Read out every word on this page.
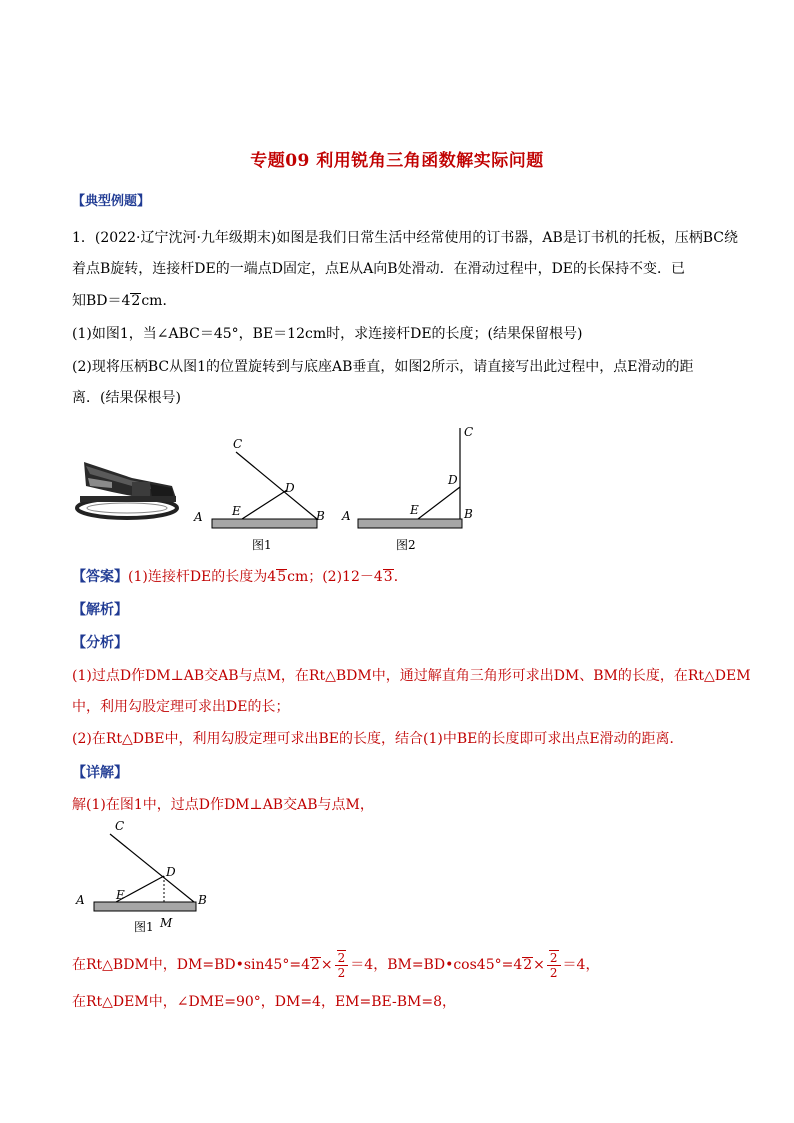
专题09 利用锐角三角函数解实际问题
【典型例题】
1．(2022·辽宁沈河·九年级期末)如图是我们日常生活中经常使用的订书器，AB是订书机的托板，压柄BC绕
着点B旋转，连接杆DE的一端点D固定，点E从A向B处滑动．在滑动过程中，DE的长保持不变．已
知BD＝42cm．
(1)如图1，当∠ABC＝45°，BE＝12cm时，求连接杆DE的长度；(结果保留根号)
(2)现将压柄BC从图1的位置旋转到与底座AB垂直，如图2所示，请直接写出此过程中，点E滑动的距
离．(结果保根号)
C
D
E
A	B
图1
C
D
E
A	B
图2
【答案】(1)连接杆DE的长度为45cm；(2)12－43．
【解析】
【分析】
(1)过点D作DM⊥AB交AB与点M，在Rt△BDM中，通过解直角三角形可求出DM、BM的长度，在Rt△DEM
中，利用勾股定理可求出DE的长；
(2)在Rt△DBE中，利用勾股定理可求出BE的长度，结合(1)中BE的长度即可求出点E滑动的距离．
【详解】
解(1)在图1中，过点D作DM⊥AB交AB与点M，
C
D
E
A	B
图1 M
在Rt△BDM中，DM=BD•sin45°=42× $\frac{2}{2} =4$，BM=BD•cos45°=42× $\frac{2}{2} =4$，
在Rt△DEM中，∠DME=90°，DM=4，EM=BE-BM=8，
